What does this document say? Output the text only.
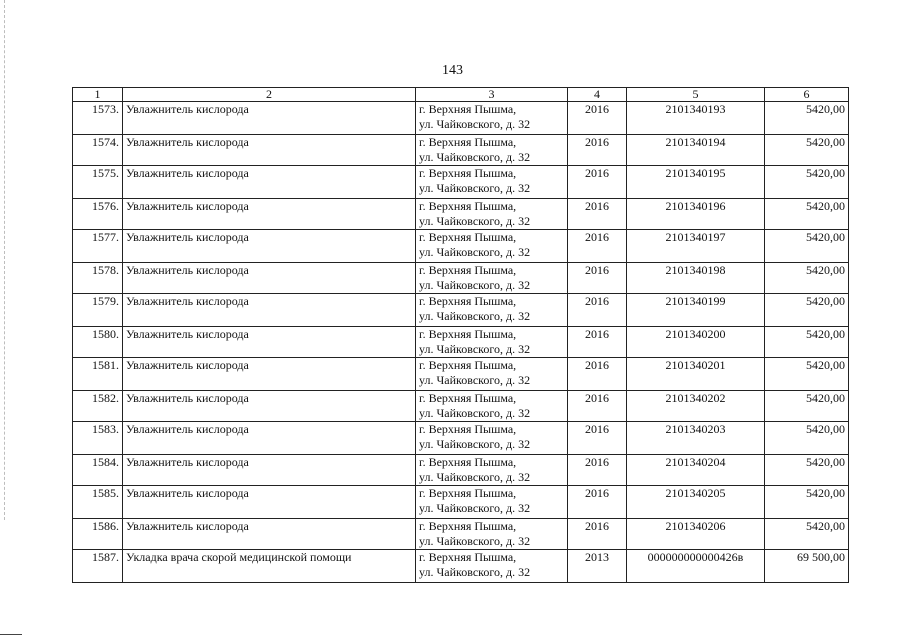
143
1	2	3	4	5	6
1573.	Увлажнитель кислорода	г. Верхняя Пышма,
ул. Чайковского, д. 32	2016	2101340193	5420,00
1574.	Увлажнитель кислорода	г. Верхняя Пышма,
ул. Чайковского, д. 32	2016	2101340194	5420,00
1575.	Увлажнитель кислорода	г. Верхняя Пышма,
ул. Чайковского, д. 32	2016	2101340195	5420,00
1576.	Увлажнитель кислорода	г. Верхняя Пышма,
ул. Чайковского, д. 32	2016	2101340196	5420,00
1577.	Увлажнитель кислорода	г. Верхняя Пышма,
ул. Чайковского, д. 32	2016	2101340197	5420,00
1578.	Увлажнитель кислорода	г. Верхняя Пышма,
ул. Чайковского, д. 32	2016	2101340198	5420,00
1579.	Увлажнитель кислорода	г. Верхняя Пышма,
ул. Чайковского, д. 32	2016	2101340199	5420,00
1580.	Увлажнитель кислорода	г. Верхняя Пышма,
ул. Чайковского, д. 32	2016	2101340200	5420,00
1581.	Увлажнитель кислорода	г. Верхняя Пышма,
ул. Чайковского, д. 32	2016	2101340201	5420,00
1582.	Увлажнитель кислорода	г. Верхняя Пышма,
ул. Чайковского, д. 32	2016	2101340202	5420,00
1583.	Увлажнитель кислорода	г. Верхняя Пышма,
ул. Чайковского, д. 32	2016	2101340203	5420,00
1584.	Увлажнитель кислорода	г. Верхняя Пышма,
ул. Чайковского, д. 32	2016	2101340204	5420,00
1585.	Увлажнитель кислорода	г. Верхняя Пышма,
ул. Чайковского, д. 32	2016	2101340205	5420,00
1586.	Увлажнитель кислорода	г. Верхняя Пышма,
ул. Чайковского, д. 32	2016	2101340206	5420,00
1587.	Укладка врача скорой медицинской помощи	г. Верхняя Пышма,
ул. Чайковского, д. 32	2013	000000000000426в	69 500,00
